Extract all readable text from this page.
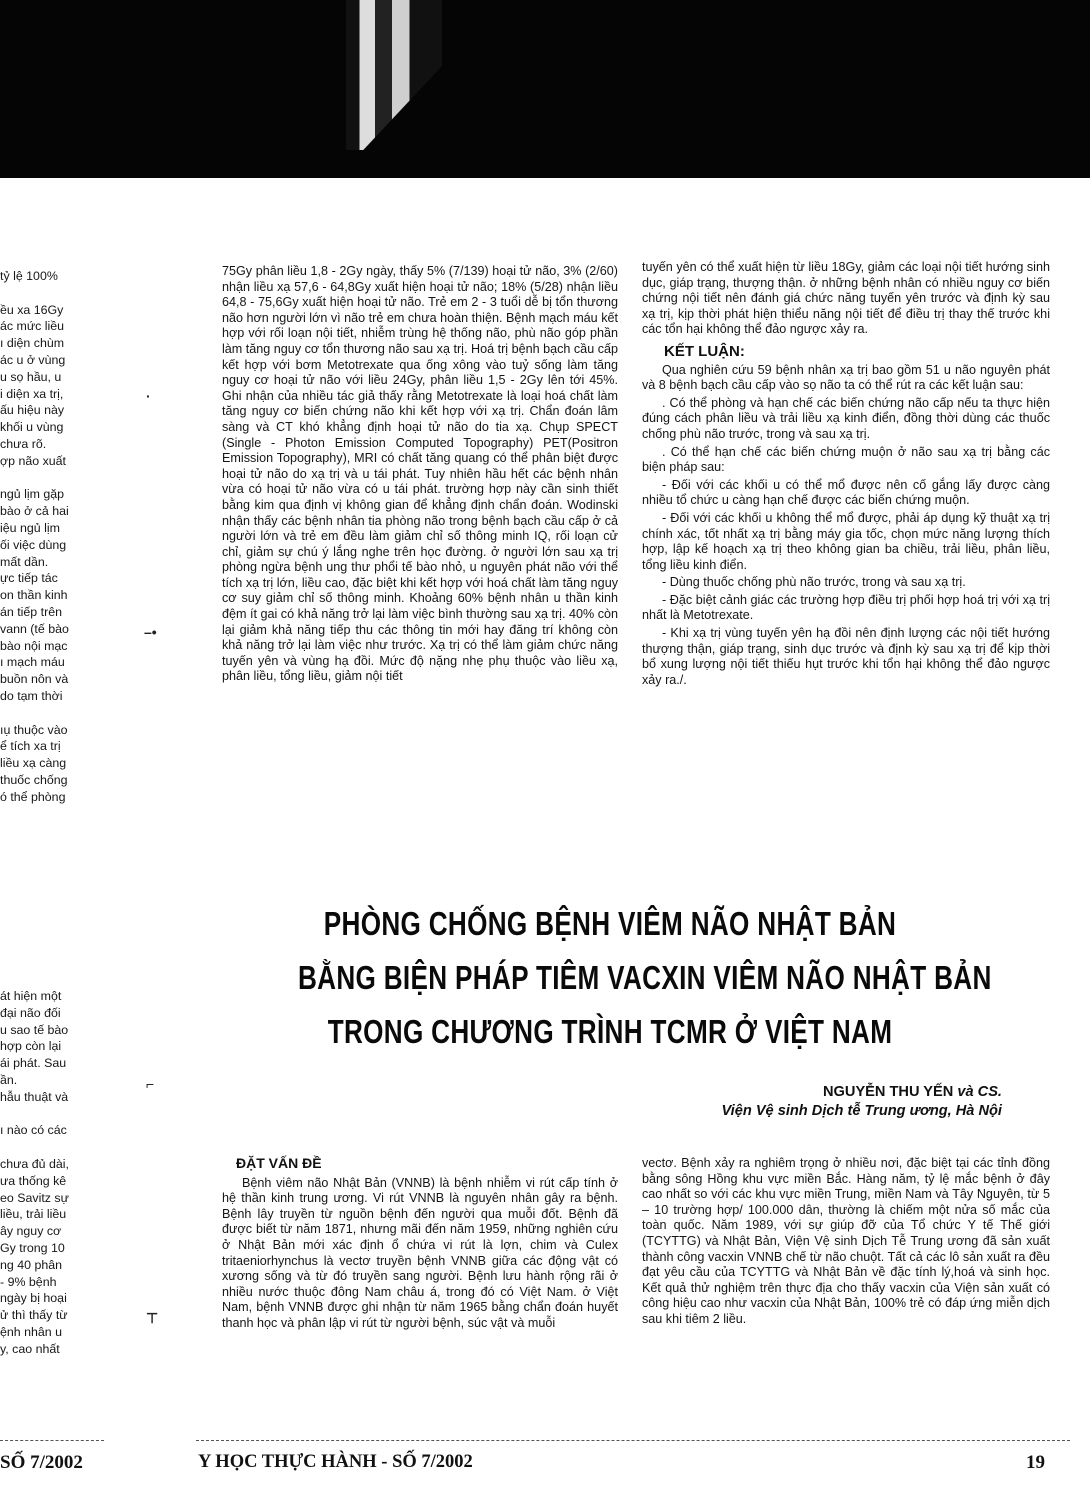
tỷ lệ 100%

ều xa 16Gy

ác mức liều

ı diện chùm

ác u ở vùng

u sọ hầu, u

i diện xa trị,

ấu hiệu này

khối u vùng

chưa rõ.

ợp não xuất

ngủ lịm gặp

bào ở cả hai

iệu ngủ lịm

ối việc dùng

mất dần.

ực tiếp tác

on thần kinh

án tiếp trên

vann (tế bào

bào nội mạc

ı mạch máu

buồn nôn và

do tạm thời

ıụ thuộc vào

ể tích xa trị

liều xạ càng

thuốc chống

ó thể phòng

át hiện một

đại não đối

u sao tế bào

hợp còn lại

ái phát. Sau

ần.

hẫu thuật và

ı nào có các

chưa đủ dài,

ưa thống kê

eo Savitz sự

liều, trải liều

ây nguy cơ

Gy trong 10

ng 40 phân

- 9% bệnh

ngày bị hoại

ử thì thấy từ

ệnh nhân u

y, cao nhất

·
–•
⌐
⊤

75Gy phân liều 1,8 - 2Gy ngày, thấy 5% (7/139) hoại tử não, 3% (2/60) nhận liều xạ 57,6 - 64,8Gy xuất hiện hoại tử não; 18% (5/28) nhận liều 64,8 - 75,6Gy xuất hiện hoại tử não. Trẻ em 2 - 3 tuổi dễ bị tổn thương não hơn người lớn vì não trẻ em chưa hoàn thiện. Bệnh mạch máu kết hợp với rối loạn nội tiết, nhiễm trùng hệ thống não, phù não góp phần làm tăng nguy cơ tổn thương não sau xạ trị. Hoá trị bệnh bạch cầu cấp kết hợp với bơm Metotrexate qua ống xông vào tuỷ sống làm tăng nguy cơ hoại tử não với liều 24Gy, phân liều 1,5 - 2Gy lên tới 45%. Ghi nhận của nhiều tác giả thấy rằng Metotrexate là loại hoá chất làm tăng nguy cơ biến chứng não khi kết hợp với xạ trị. Chẩn đoán lâm sàng và CT khó khẳng định hoại tử não do tia xạ. Chụp SPECT (Single - Photon Emission Computed Topography) PET(Positron Emission Topography), MRI có chất tăng quang có thể phân biệt được hoại tử não do xạ trị và u tái phát. Tuy nhiên hầu hết các bệnh nhân vừa có hoại tử não vừa có u tái phát. trường hợp này cần sinh thiết bằng kim qua định vị không gian để khẳng định chẩn đoán. Wodinski nhận thấy các bệnh nhân tia phòng não trong bệnh bạch cầu cấp ở cả người lớn và trẻ em đều làm giảm chỉ số thông minh IQ, rối loạn cử chỉ, giảm sự chú ý lắng nghe trên học đường. ở người lớn sau xạ trị phòng ngừa bệnh ung thư phổi tế bào nhỏ, u nguyên phát não với thể tích xạ trị lớn, liều cao, đặc biệt khi kết hợp với hoá chất làm tăng nguy cơ suy giảm chỉ số thông minh. Khoảng 60% bệnh nhân u thần kinh đệm ít gai có khả năng trở lại làm việc bình thường sau xạ trị. 40% còn lại giảm khả năng tiếp thu các thông tin mới hay đăng trí không còn khả năng trở lại làm việc như trước. Xạ trị có thể làm giảm chức năng tuyến yên và vùng hạ đồi. Mức độ nặng nhẹ phụ thuộc vào liều xạ, phân liều, tổng liều, giảm nội tiết

tuyến yên có thể xuất hiện từ liều 18Gy, giảm các loại nội tiết hướng sinh dục, giáp trạng, thượng thận. ở những bệnh nhân có nhiều nguy cơ biến chứng nội tiết nên đánh giá chức năng tuyến yên trước và định kỳ sau xạ trị, kịp thời phát hiện thiểu năng nội tiết để điều trị thay thế trước khi các tổn hại không thể đảo ngược xảy ra.

KẾT LUẬN:

Qua nghiên cứu 59 bệnh nhân xạ trị bao gồm 51 u não nguyên phát và 8 bệnh bạch cầu cấp vào sọ não ta có thể rút ra các kết luận sau:

. Có thể phòng và hạn chế các biến chứng não cấp nếu ta thực hiện đúng cách phân liều và trải liều xạ kinh điển, đồng thời dùng các thuốc chống phù não trước, trong và sau xạ trị.

. Có thể hạn chế các biến chứng muộn ở não sau xạ trị bằng các biện pháp sau:

- Đối với các khối u có thể mổ được nên cố gắng lấy được càng nhiều tổ chức u càng hạn chế được các biến chứng muộn.

- Đối với các khối u không thể mổ được, phải áp dụng kỹ thuật xạ trị chính xác, tốt nhất xạ trị bằng máy gia tốc, chọn mức năng lượng thích hợp, lập kế hoạch xạ trị theo không gian ba chiều, trải liều, phân liều, tổng liều kinh điển.

- Dùng thuốc chống phù não trước, trong và sau xạ trị.

- Đặc biệt cảnh giác các trường hợp điều trị phối hợp hoá trị với xạ trị nhất là Metotrexate.

- Khi xạ trị vùng tuyến yên hạ đồi nên định lượng các nội tiết hướng thượng thận, giáp trạng, sinh dục trước và định kỳ sau xạ trị để kịp thời bổ xung lượng nội tiết thiếu hụt trước khi tổn hại không thể đảo ngược xảy ra./.

PHÒNG CHỐNG BỆNH VIÊM NÃO NHẬT BẢN
BẰNG BIỆN PHÁP TIÊM VACXIN VIÊM NÃO NHẬT BẢN
TRONG CHƯƠNG TRÌNH TCMR Ở VIỆT NAM
NGUYỄN THU YẾN và CS.
Viện Vệ sinh Dịch tễ Trung ương, Hà Nội
ĐẶT VẤN ĐỀ

Bệnh viêm não Nhật Bản (VNNB) là bệnh nhiễm vi rút cấp tính ở hệ thần kinh trung ương. Vi rút VNNB là nguyên nhân gây ra bệnh. Bệnh lây truyền từ nguồn bệnh đến người qua muỗi đốt. Bệnh đã được biết từ năm 1871, nhưng mãi đến năm 1959, những nghiên cứu ở Nhật Bản mới xác định ổ chứa vi rút là lợn, chim và Culex tritaeniorhynchus là vectơ truyền bệnh VNNB giữa các động vật có xương sống và từ đó truyền sang người. Bệnh lưu hành rộng rãi ở nhiều nước thuộc đông Nam châu á, trong đó có Việt Nam. ở Việt Nam, bệnh VNNB được ghi nhận từ năm 1965 bằng chẩn đoán huyết thanh học và phân lập vi rút từ người bệnh, súc vật và muỗi

vectơ. Bệnh xảy ra nghiêm trọng ở nhiều nơi, đặc biệt tại các tỉnh đồng bằng sông Hồng khu vực miền Bắc. Hàng năm, tỷ lệ mắc bệnh ở đây cao nhất so với các khu vực miền Trung, miền Nam và Tây Nguyên, từ 5 – 10 trường hợp/ 100.000 dân, thường là chiếm một nửa số mắc của toàn quốc. Năm 1989, với sự giúp đỡ của Tổ chức Y tế Thế giới (TCYTTG) và Nhật Bản, Viện Vệ sinh Dịch Tễ Trung ương đã sản xuất thành công vacxin VNNB chế từ não chuột. Tất cả các lô sản xuất ra đều đạt yêu cầu của TCYTTG và Nhật Bản về đặc tính lý,hoá và sinh học. Kết quả thử nghiệm trên thực địa cho thấy vacxin của Viện sản xuất có công hiệu cao như vacxin của Nhật Bản, 100% trẻ có đáp ứng miễn dịch sau khi tiêm 2 liều.

SỐ 7/2002	Y HỌC THỰC HÀNH - SỐ 7/2002	19
